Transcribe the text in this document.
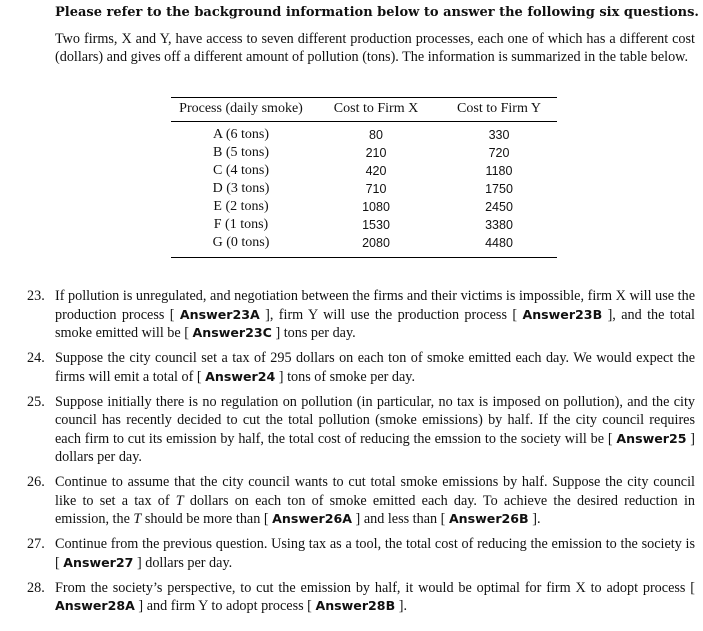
Please refer to the background information below to answer the following six questions.
Two firms, X and Y, have access to seven different production processes, each one of which has a different cost (dollars) and gives off a different amount of pollution (tons). The information is summarized in the table below.
Process (daily smoke)	Cost to Firm X	Cost to Firm Y
A (6 tons)	80	330
B (5 tons)	210	720
C (4 tons)	420	1180
D (3 tons)	710	1750
E (2 tons)	1080	2450
F (1 tons)	1530	3380
G (0 tons)	2080	4480
23. If pollution is unregulated, and negotiation between the firms and their victims is impossible, firm X will use the production process [ Answer23A ], firm Y will use the production process [ Answer23B ], and the total smoke emitted will be [ Answer23C ] tons per day.
24. Suppose the city council set a tax of 295 dollars on each ton of smoke emitted each day. We would expect the firms will emit a total of [ Answer24 ] tons of smoke per day.
25. Suppose initially there is no regulation on pollution (in particular, no tax is imposed on pollution), and the city council has recently decided to cut the total pollution (smoke emissions) by half. If the city council requires each firm to cut its emission by half, the total cost of reducing the emssion to the society will be [ Answer25 ] dollars per day.
26. Continue to assume that the city council wants to cut total smoke emissions by half. Suppose the city council like to set a tax of T dollars on each ton of smoke emitted each day. To achieve the desired reduction in emission, the T should be more than [ Answer26A ] and less than [ Answer26B ].
27. Continue from the previous question. Using tax as a tool, the total cost of reducing the emission to the society is [ Answer27 ] dollars per day.
28. From the society’s perspective, to cut the emission by half, it would be optimal for firm X to adopt process [ Answer28A ] and firm Y to adopt process [ Answer28B ].
